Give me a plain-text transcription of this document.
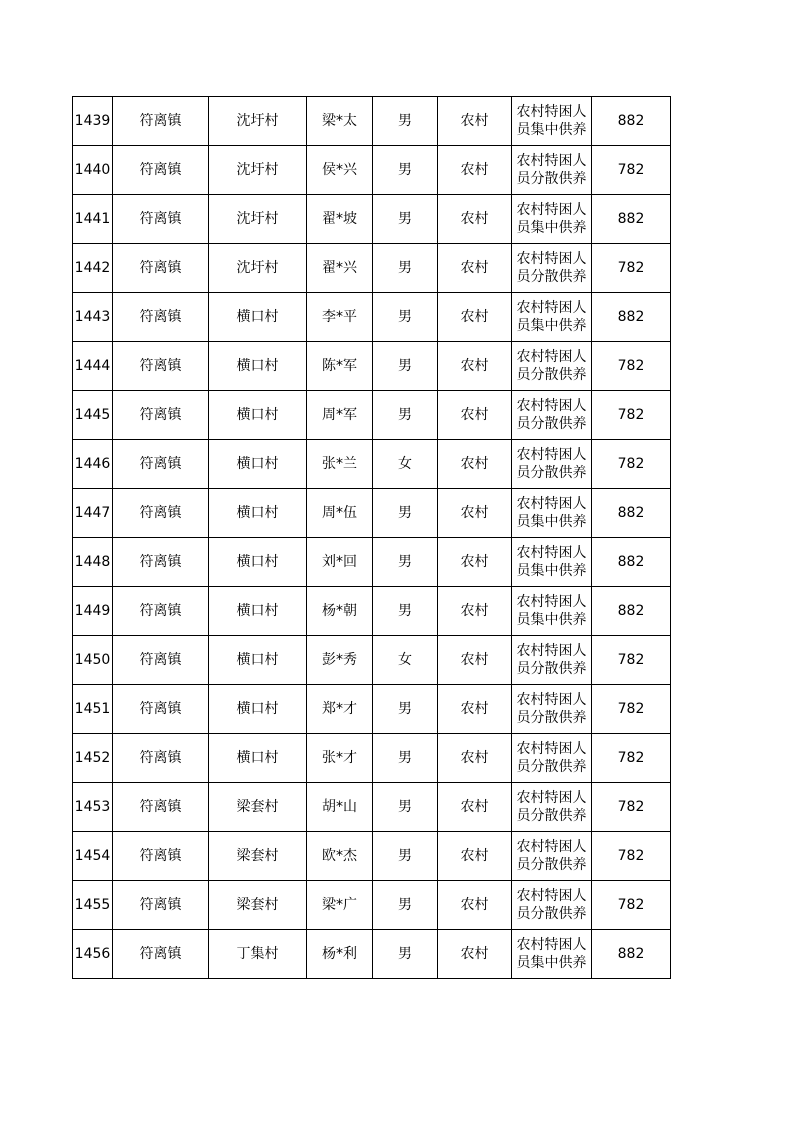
1439	符离镇	沈圩村	梁*太	男	农村	农村特困人员集中供养	882
1440	符离镇	沈圩村	侯*兴	男	农村	农村特困人员分散供养	782
1441	符离镇	沈圩村	翟*坡	男	农村	农村特困人员集中供养	882
1442	符离镇	沈圩村	翟*兴	男	农村	农村特困人员分散供养	782
1443	符离镇	横口村	李*平	男	农村	农村特困人员集中供养	882
1444	符离镇	横口村	陈*军	男	农村	农村特困人员分散供养	782
1445	符离镇	横口村	周*军	男	农村	农村特困人员分散供养	782
1446	符离镇	横口村	张*兰	女	农村	农村特困人员分散供养	782
1447	符离镇	横口村	周*伍	男	农村	农村特困人员集中供养	882
1448	符离镇	横口村	刘*回	男	农村	农村特困人员集中供养	882
1449	符离镇	横口村	杨*朝	男	农村	农村特困人员集中供养	882
1450	符离镇	横口村	彭*秀	女	农村	农村特困人员分散供养	782
1451	符离镇	横口村	郑*才	男	农村	农村特困人员分散供养	782
1452	符离镇	横口村	张*才	男	农村	农村特困人员分散供养	782
1453	符离镇	梁套村	胡*山	男	农村	农村特困人员分散供养	782
1454	符离镇	梁套村	欧*杰	男	农村	农村特困人员分散供养	782
1455	符离镇	梁套村	梁*广	男	农村	农村特困人员分散供养	782
1456	符离镇	丁集村	杨*利	男	农村	农村特困人员集中供养	882
